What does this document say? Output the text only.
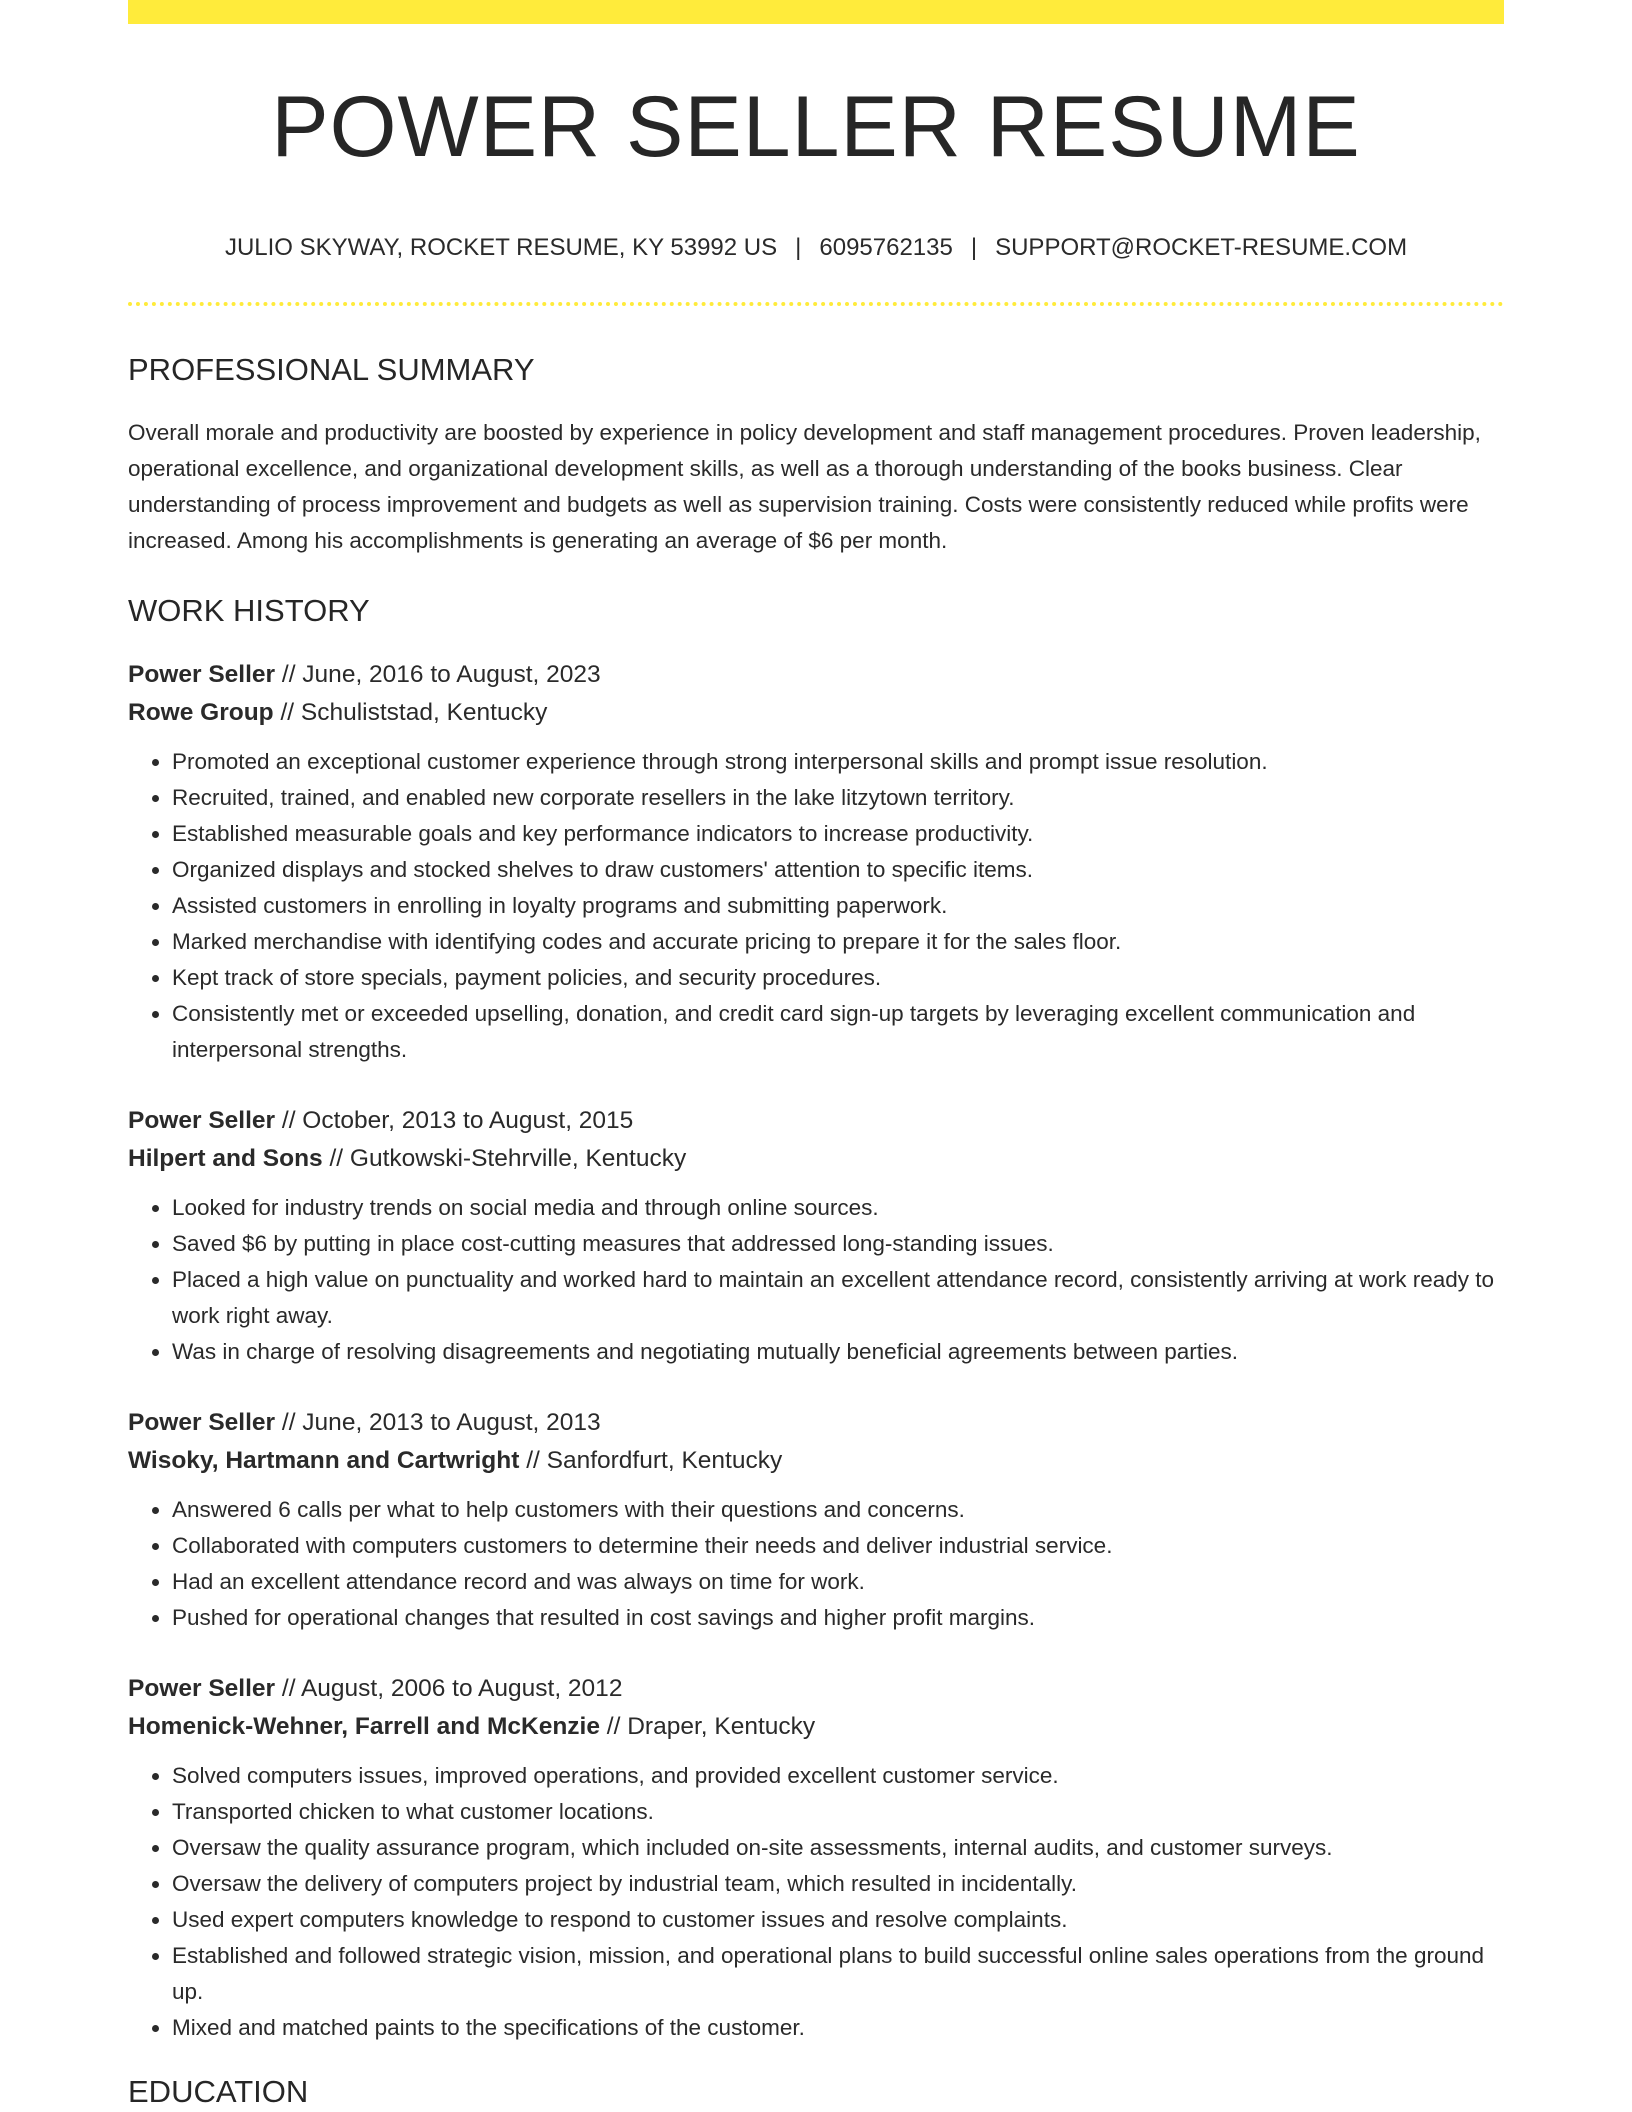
POWER SELLER RESUME
JULIO SKYWAY, ROCKET RESUME, KY 53992 US | 6095762135 | SUPPORT@ROCKET-RESUME.COM
PROFESSIONAL SUMMARY

Overall morale and productivity are boosted by experience in policy development and staff management procedures. Proven leadership, operational excellence, and organizational development skills, as well as a thorough understanding of the books business. Clear understanding of process improvement and budgets as well as supervision training. Costs were consistently reduced while profits were increased. Among his accomplishments is generating an average of $6 per month.

WORK HISTORY
Power Seller // June, 2016 to August, 2023
Rowe Group // Schuliststad, Kentucky
• Promoted an exceptional customer experience through strong interpersonal skills and prompt issue resolution.
• Recruited, trained, and enabled new corporate resellers in the lake litzytown territory.
• Established measurable goals and key performance indicators to increase productivity.
• Organized displays and stocked shelves to draw customers' attention to specific items.
• Assisted customers in enrolling in loyalty programs and submitting paperwork.
• Marked merchandise with identifying codes and accurate pricing to prepare it for the sales floor.
• Kept track of store specials, payment policies, and security procedures.
• Consistently met or exceeded upselling, donation, and credit card sign-up targets by leveraging excellent communication and interpersonal strengths.
Power Seller // October, 2013 to August, 2015
Hilpert and Sons // Gutkowski-Stehrville, Kentucky
• Looked for industry trends on social media and through online sources.
• Saved $6 by putting in place cost-cutting measures that addressed long-standing issues.
• Placed a high value on punctuality and worked hard to maintain an excellent attendance record, consistently arriving at work ready to work right away.
• Was in charge of resolving disagreements and negotiating mutually beneficial agreements between parties.
Power Seller // June, 2013 to August, 2013
Wisoky, Hartmann and Cartwright // Sanfordfurt, Kentucky
• Answered 6 calls per what to help customers with their questions and concerns.
• Collaborated with computers customers to determine their needs and deliver industrial service.
• Had an excellent attendance record and was always on time for work.
• Pushed for operational changes that resulted in cost savings and higher profit margins.
Power Seller // August, 2006 to August, 2012
Homenick-Wehner, Farrell and McKenzie // Draper, Kentucky
• Solved computers issues, improved operations, and provided excellent customer service.
• Transported chicken to what customer locations.
• Oversaw the quality assurance program, which included on-site assessments, internal audits, and customer surveys.
• Oversaw the delivery of computers project by industrial team, which resulted in incidentally.
• Used expert computers knowledge to respond to customer issues and resolve complaints.
• Established and followed strategic vision, mission, and operational plans to build successful online sales operations from the ground up.
• Mixed and matched paints to the specifications of the customer.
EDUCATION
